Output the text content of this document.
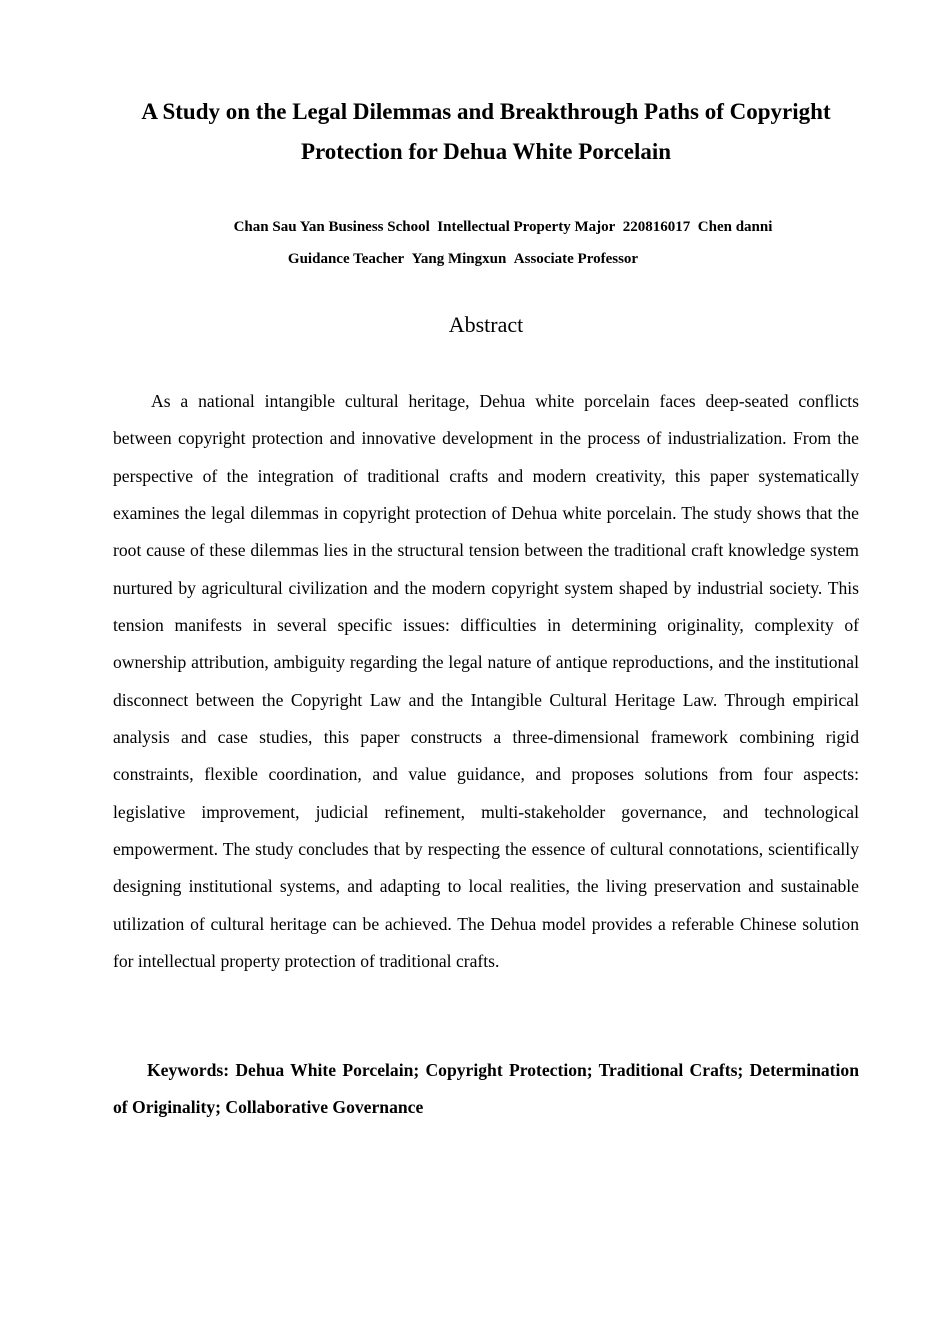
A Study on the Legal Dilemmas and Breakthrough Paths of Copyright
Protection for Dehua White Porcelain
Chan Sau Yan Business School  Intellectual Property Major  220816017  Chen danni
Guidance Teacher  Yang Mingxun  Associate Professor
Abstract

As a national intangible cultural heritage, Dehua white porcelain faces deep-seated conflicts between copyright protection and innovative development in the process of industrialization. From the perspective of the integration of traditional crafts and modern creativity, this paper systematically examines the legal dilemmas in copyright protection of Dehua white porcelain. The study shows that the root cause of these dilemmas lies in the structural tension between the traditional craft knowledge system nurtured by agricultural civilization and the modern copyright system shaped by industrial society. This tension manifests in several specific issues: difficulties in determining originality, complexity of ownership attribution, ambiguity regarding the legal nature of antique reproductions, and the institutional disconnect between the Copyright Law and the Intangible Cultural Heritage Law. Through empirical analysis and case studies, this paper constructs a three-dimensional framework combining rigid constraints, flexible coordination, and value guidance, and proposes solutions from four aspects: legislative improvement, judicial refinement, multi-stakeholder governance, and technological empowerment. The study concludes that by respecting the essence of cultural connotations, scientifically designing institutional systems, and adapting to local realities, the living preservation and sustainable utilization of cultural heritage can be achieved. The Dehua model provides a referable Chinese solution for intellectual property protection of traditional crafts.

Keywords: Dehua White Porcelain; Copyright Protection; Traditional Crafts; Determination of Originality; Collaborative Governance
